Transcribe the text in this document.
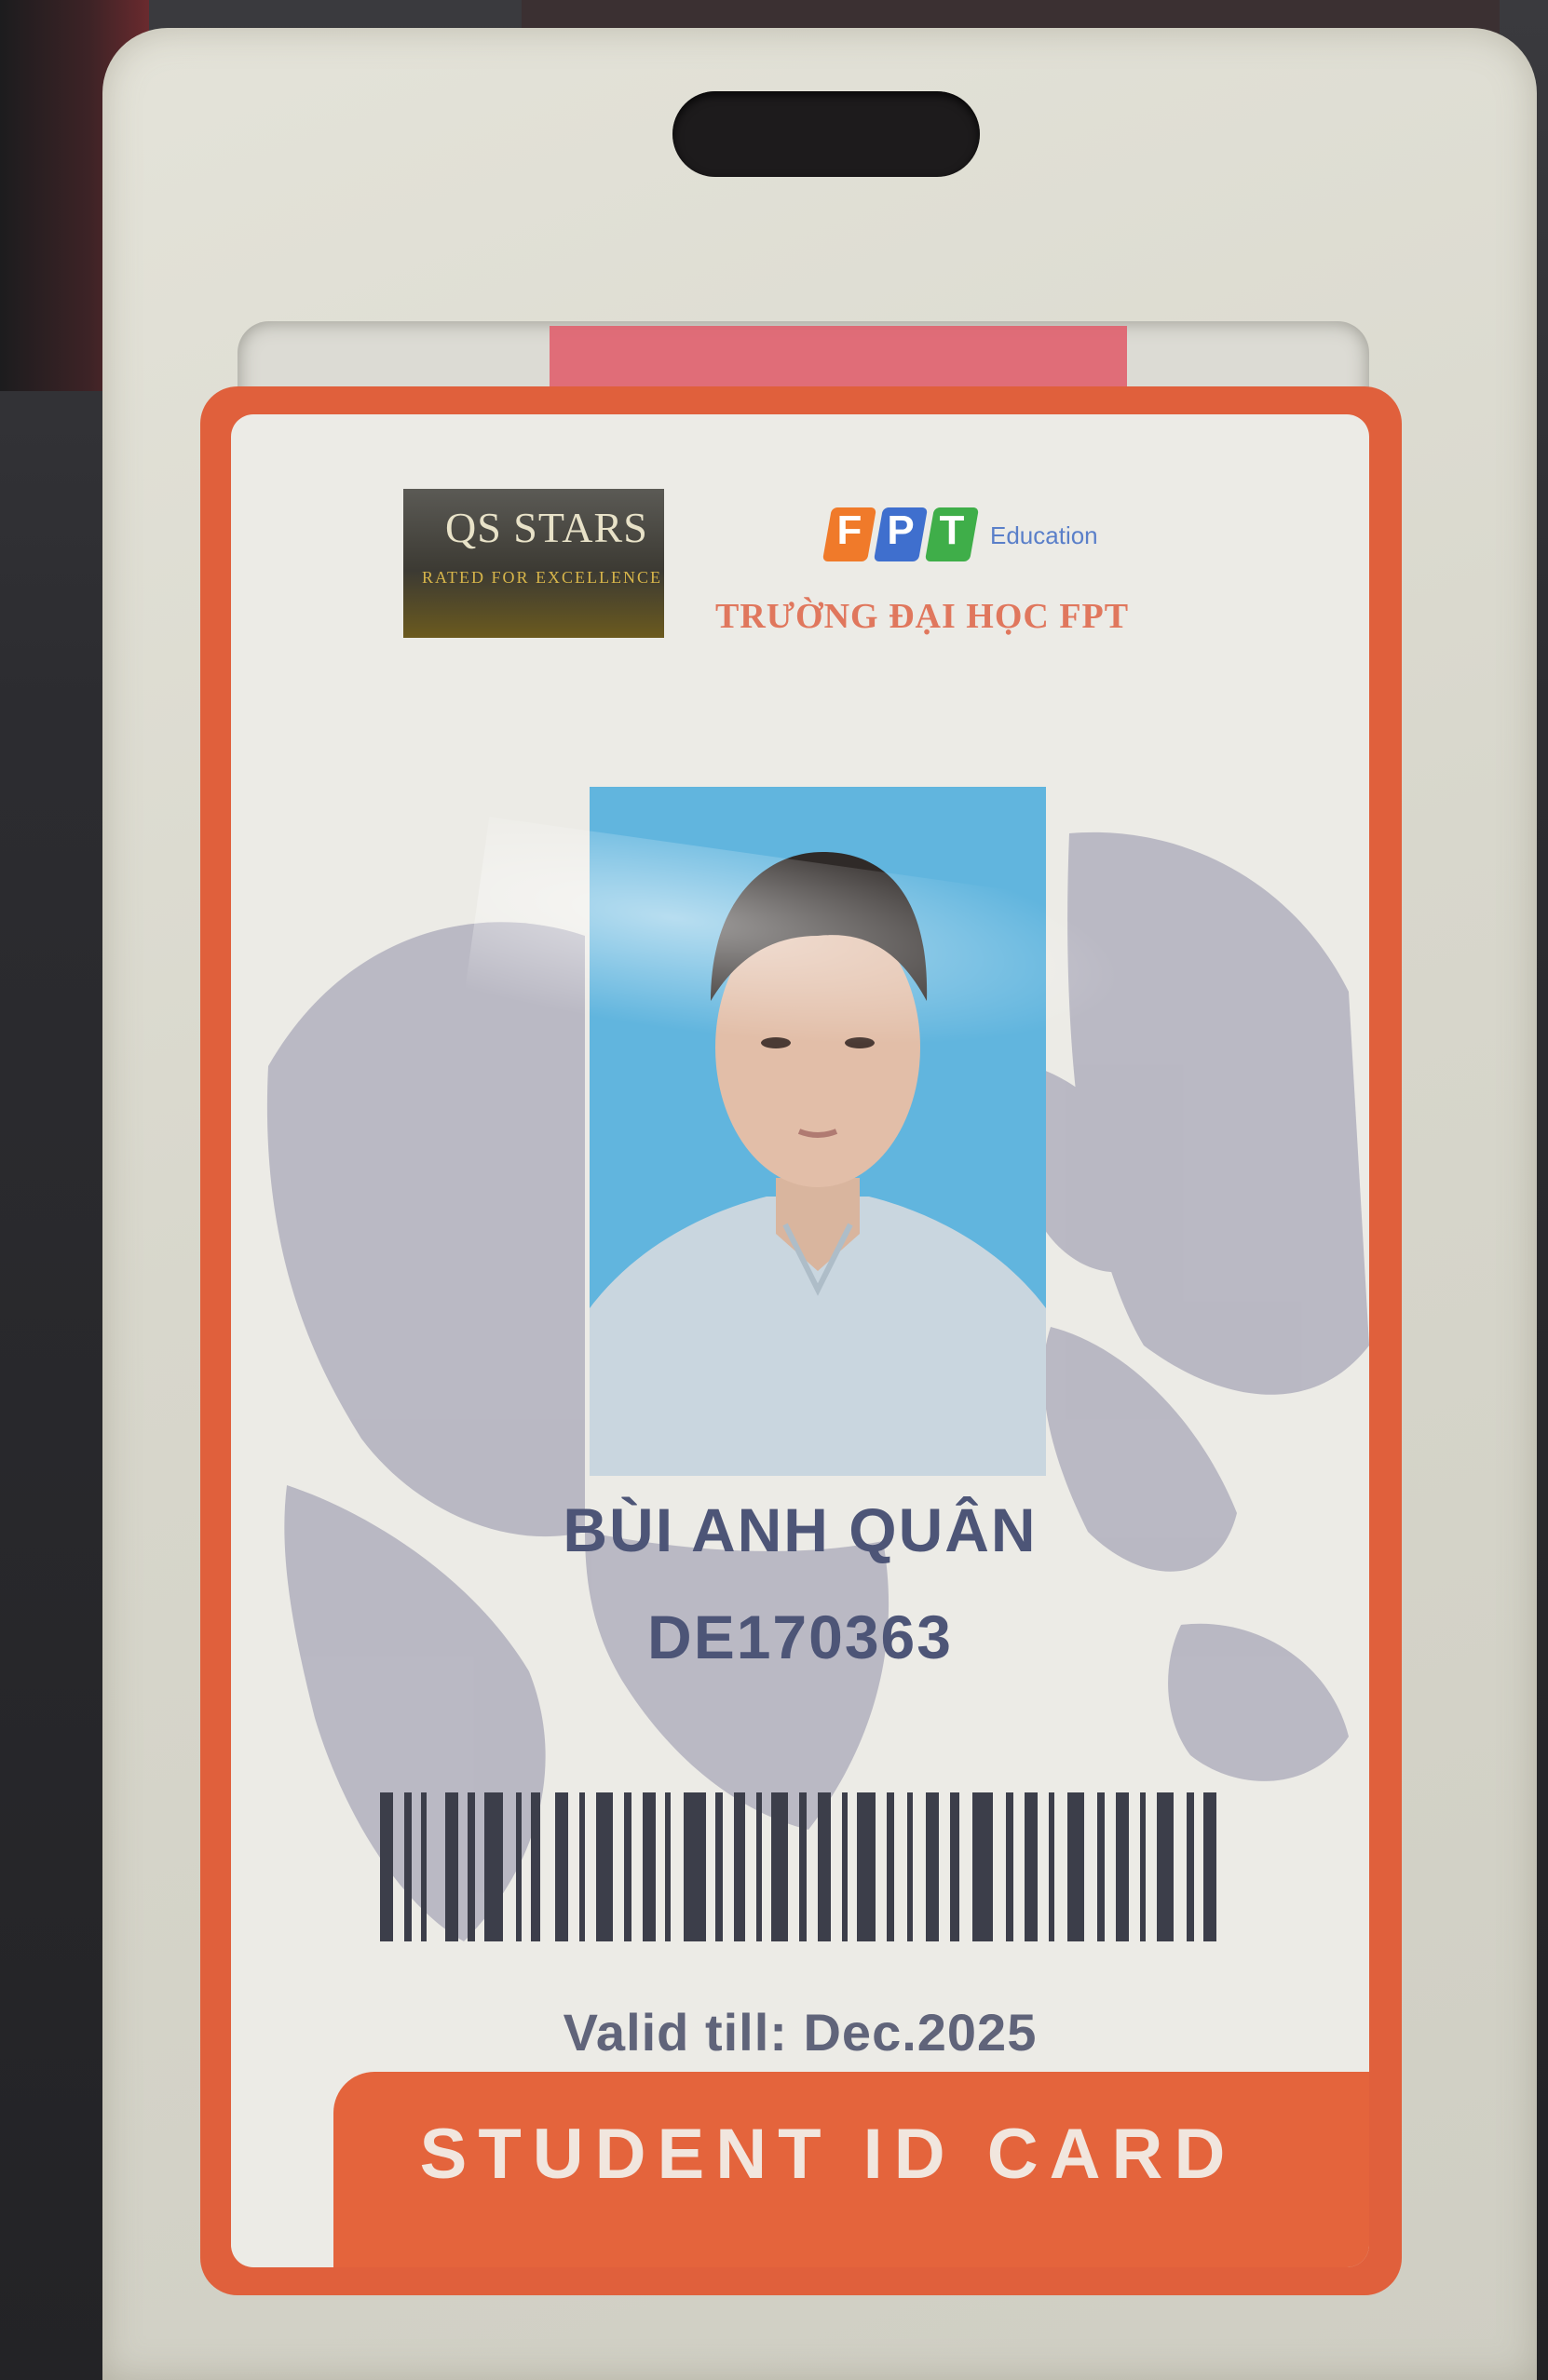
QS STARS
RATED FOR EXCELLENCE
F P T	Education
TRƯỜNG ĐẠI HỌC FPT
BÙI ANH QUÂN
DE170363
Valid till: Dec.2025
STUDENT ID CARD
